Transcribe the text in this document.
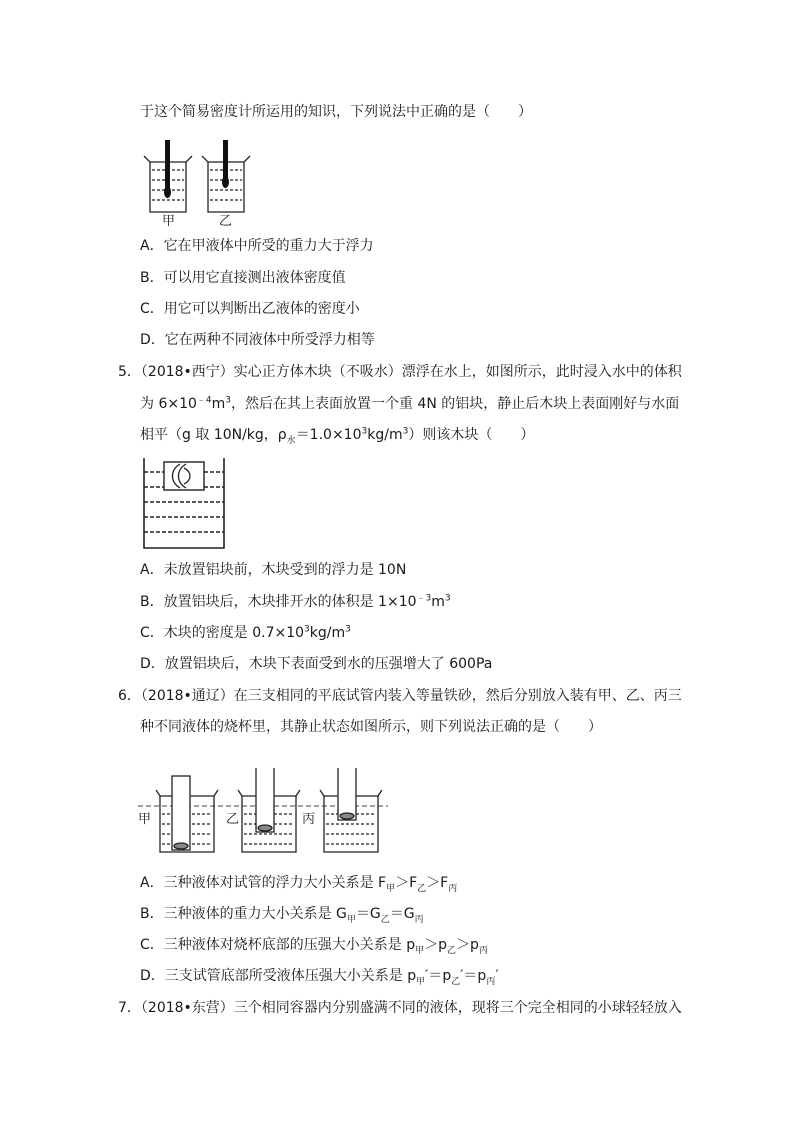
于这个简易密度计所运用的知识，下列说法中正确的是（　　）
甲	乙
A．它在甲液体中所受的重力大于浮力
B．可以用它直接测出液体密度值
C．用它可以判断出乙液体的密度小
D．它在两种不同液体中所受浮力相等
5．（2018•西宁）实心正方体木块（不吸水）漂浮在水上，如图所示，此时浸入水中的体积
为 $6\times 10^{﹣4}m^3$，然后在其上表面放置一个重 4N 的铝块，静止后木块上表面刚好与水面
相平（g 取 10N/kg，$\rho_水=1.0\times 10^3kg/m^3$）则该木块（　　）
A．未放置铝块前，木块受到的浮力是 10N
B．放置铝块后，木块排开水的体积是 $1\times 10^{﹣3}m^3$
C．木块的密度是 $0.7\times 10^3kg/m^3$
D．放置铝块后，木块下表面受到水的压强增大了 600Pa
6．（2018•通辽）在三支相同的平底试管内装入等量铁砂，然后分别放入装有甲、乙、丙三
种不同液体的烧杯里，其静止状态如图所示，则下列说法正确的是（　　）
甲	乙	丙
A．三种液体对试管的浮力大小关系是 $F_甲>F_乙>F_丙$
B．三种液体的重力大小关系是 $G_甲=G_乙=G_丙$
C．三种液体对烧杯底部的压强大小关系是 $p_甲>p_乙>p_丙$
D．三支试管底部所受液体压强大小关系是 $p_甲'=p_乙'=p_丙'$
7．（2018•东营）三个相同容器内分别盛满不同的液体，现将三个完全相同的小球轻轻放入
